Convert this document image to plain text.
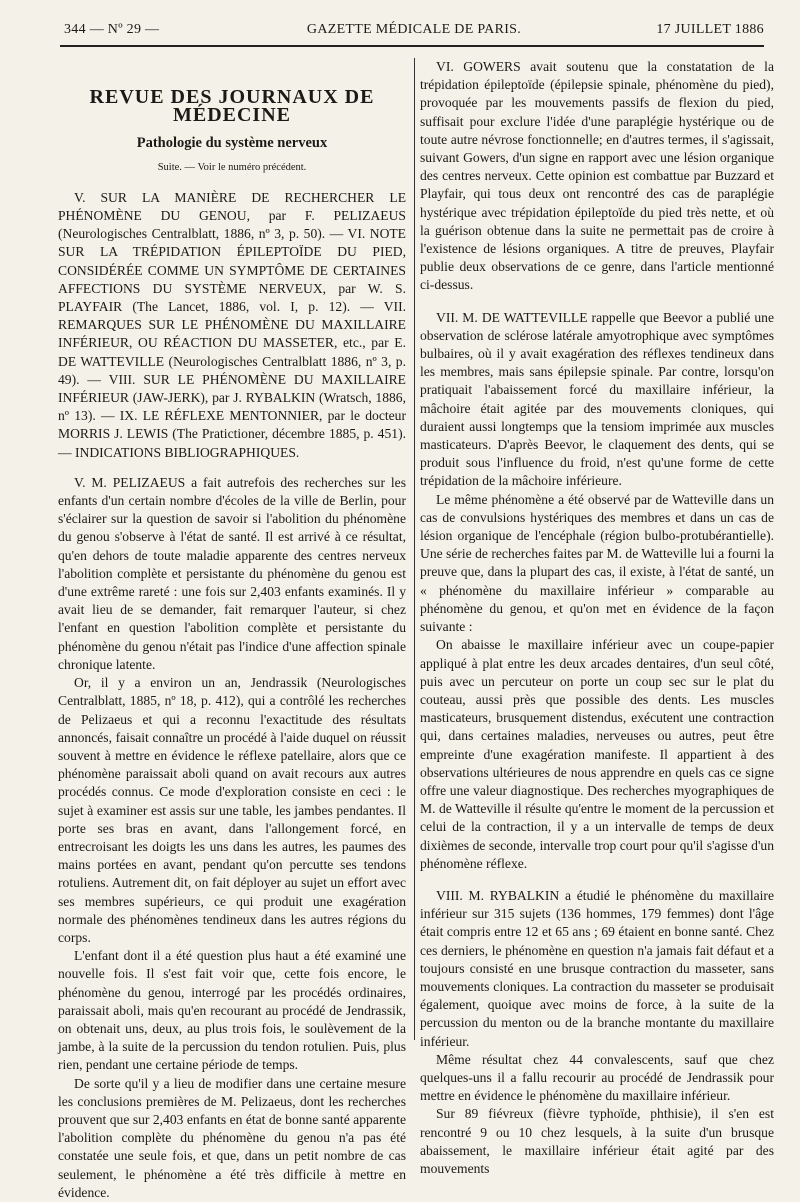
344 — Nº 29 —	GAZETTE MÉDICALE DE PARIS.	17 JUILLET 1886
REVUE DES JOURNAUX DE MÉDECINE
Pathologie du système nerveux
Suite. — Voir le numéro précédent.

V. SUR LA MANIÈRE DE RECHERCHER LE PHÉNOMÈNE DU GENOU, par F. PELIZAEUS (Neurologisches Centralblatt, 1886, nº 3, p. 50). — VI. NOTE SUR LA TRÉPIDATION ÉPILEPTOÏDE DU PIED, CONSIDÉRÉE COMME UN SYMPTÔME DE CERTAINES AFFECTIONS DU SYSTÈME NERVEUX, par W. S. PLAYFAIR (The Lancet, 1886, vol. I, p. 12). — VII. REMARQUES SUR LE PHÉNOMÈNE DU MAXILLAIRE INFÉRIEUR, OU RÉACTION DU MASSETER, etc., par E. DE WATTEVILLE (Neurologisches Centralblatt 1886, nº 3, p. 49). — VIII. SUR LE PHÉNOMÈNE DU MAXILLAIRE INFÉRIEUR (JAW-JERK), par J. RYBALKIN (Wratsch, 1886, nº 13). — IX. LE RÉFLEXE MENTONNIER, par le docteur MORRIS J. LEWIS (The Pratictioner, décembre 1885, p. 451). — INDICATIONS BIBLIOGRAPHIQUES.

V. M. PELIZAEUS a fait autrefois des recherches sur les enfants d'un certain nombre d'écoles de la ville de Berlin, pour s'éclairer sur la question de savoir si l'abolition du phénomène du genou s'observe à l'état de santé. Il est arrivé à ce résultat, qu'en dehors de toute maladie apparente des centres nerveux l'abolition complète et persistante du phénomène du genou est d'une extrême rareté : une fois sur 2,403 enfants examinés. Il y avait lieu de se demander, fait remarquer l'auteur, si chez l'enfant en question l'abolition complète et persistante du phénomène du genou n'était pas l'indice d'une affection spinale chronique latente.

Or, il y a environ un an, Jendrassik (Neurologisches Centralblatt, 1885, nº 18, p. 412), qui a contrôlé les recherches de Pelizaeus et qui a reconnu l'exactitude des résultats annoncés, faisait connaître un procédé à l'aide duquel on réussit souvent à mettre en évidence le réflexe patellaire, alors que ce phénomène paraissait aboli quand on avait recours aux autres procédés connus. Ce mode d'exploration consiste en ceci : le sujet à examiner est assis sur une table, les jambes pendantes. Il porte ses bras en avant, dans l'allongement forcé, en entrecroisant les doigts les uns dans les autres, les paumes des mains portées en avant, pendant qu'on percutte ses tendons rotuliens. Autrement dit, on fait déployer au sujet un effort avec ses membres supérieurs, ce qui produit une exagération normale des phénomènes tendineux dans les autres régions du corps.

L'enfant dont il a été question plus haut a été examiné une nouvelle fois. Il s'est fait voir que, cette fois encore, le phénomène du genou, interrogé par les procédés ordinaires, paraissait aboli, mais qu'en recourant au procédé de Jendrassik, on obtenait uns, deux, au plus trois fois, le soulèvement de la jambe, à la suite de la percussion du tendon rotulien. Puis, plus rien, pendant une certaine période de temps.

De sorte qu'il y a lieu de modifier dans une certaine mesure les conclusions premières de M. Pelizaeus, dont les recherches prouvent que sur 2,403 enfants en état de bonne santé apparente l'abolition complète du phénomène du genou n'a pas été constatée une seule fois, et que, dans un petit nombre de cas seulement, le phénomène a été très difficile à mettre en évidence.

VI. GOWERS avait soutenu que la constatation de la trépidation épileptoïde (épilepsie spinale, phénomène du pied), provoquée par les mouvements passifs de flexion du pied, suffisait pour exclure l'idée d'une paraplégie hystérique ou de toute autre névrose fonctionnelle; en d'autres termes, il s'agissait, suivant Gowers, d'un signe en rapport avec une lésion organique des centres nerveux. Cette opinion est combattue par Buzzard et Playfair, qui tous deux ont rencontré des cas de paraplégie hystérique avec trépidation épileptoïde du pied très nette, et où la guérison obtenue dans la suite ne permettait pas de croire à l'existence de lésions organiques. A titre de preuves, Playfair publie deux observations de ce genre, dans l'article mentionné ci-dessus.

VII. M. DE WATTEVILLE rappelle que Beevor a publié une observation de sclérose latérale amyotrophique avec symptômes bulbaires, où il y avait exagération des réflexes tendineux dans les membres, mais sans épilepsie spinale. Par contre, lorsqu'on pratiquait l'abaissement forcé du maxillaire inférieur, la mâchoire était agitée par des mouvements cloniques, qui duraient aussi longtemps que la tensiom imprimée aux muscles masticateurs. D'après Beevor, le claquement des dents, qui se produit sous l'influence du froid, n'est qu'une forme de cette trépidation de la mâchoire inférieure.

Le même phénomène a été observé par de Watteville dans un cas de convulsions hystériques des membres et dans un cas de lésion organique de l'encéphale (région bulbo-protubérantielle). Une série de recherches faites par M. de Watteville lui a fourni la preuve que, dans la plupart des cas, il existe, à l'état de santé, un « phénomène du maxillaire inférieur » comparable au phénomène du genou, et qu'on met en évidence de la façon suivante :

On abaisse le maxillaire inférieur avec un coupe-papier appliqué à plat entre les deux arcades dentaires, d'un seul côté, puis avec un percuteur on porte un coup sec sur le plat du couteau, aussi près que possible des dents. Les muscles masticateurs, brusquement distendus, exécutent une contraction qui, dans certaines maladies, nerveuses ou autres, peut être empreinte d'une exagération manifeste. Il appartient à des observations ultérieures de nous apprendre en quels cas ce signe offre une valeur diagnostique. Des recherches myographiques de M. de Watteville il résulte qu'entre le moment de la percussion et celui de la contraction, il y a un intervalle de temps de deux dixièmes de seconde, intervalle trop court pour qu'il s'agisse d'un phénomène réflexe.

VIII. M. RYBALKIN a étudié le phénomène du maxillaire inférieur sur 315 sujets (136 hommes, 179 femmes) dont l'âge était compris entre 12 et 65 ans ; 69 étaient en bonne santé. Chez ces derniers, le phénomène en question n'a jamais fait défaut et a toujours consisté en une brusque contraction du masseter, sans mouvements cloniques. La contraction du masseter se produisait également, quoique avec moins de force, à la suite de la percussion du menton ou de la branche montante du maxillaire inférieur.

Même résultat chez 44 convalescents, sauf que chez quelques-uns il a fallu recourir au procédé de Jendrassik pour mettre en évidence le phénomène du maxillaire inférieur.

Sur 89 fiévreux (fièvre typhoïde, phthisie), il s'en est rencontré 9 ou 10 chez lesquels, à la suite d'un brusque abaissement, le maxillaire inférieur était agité par des mouvements
